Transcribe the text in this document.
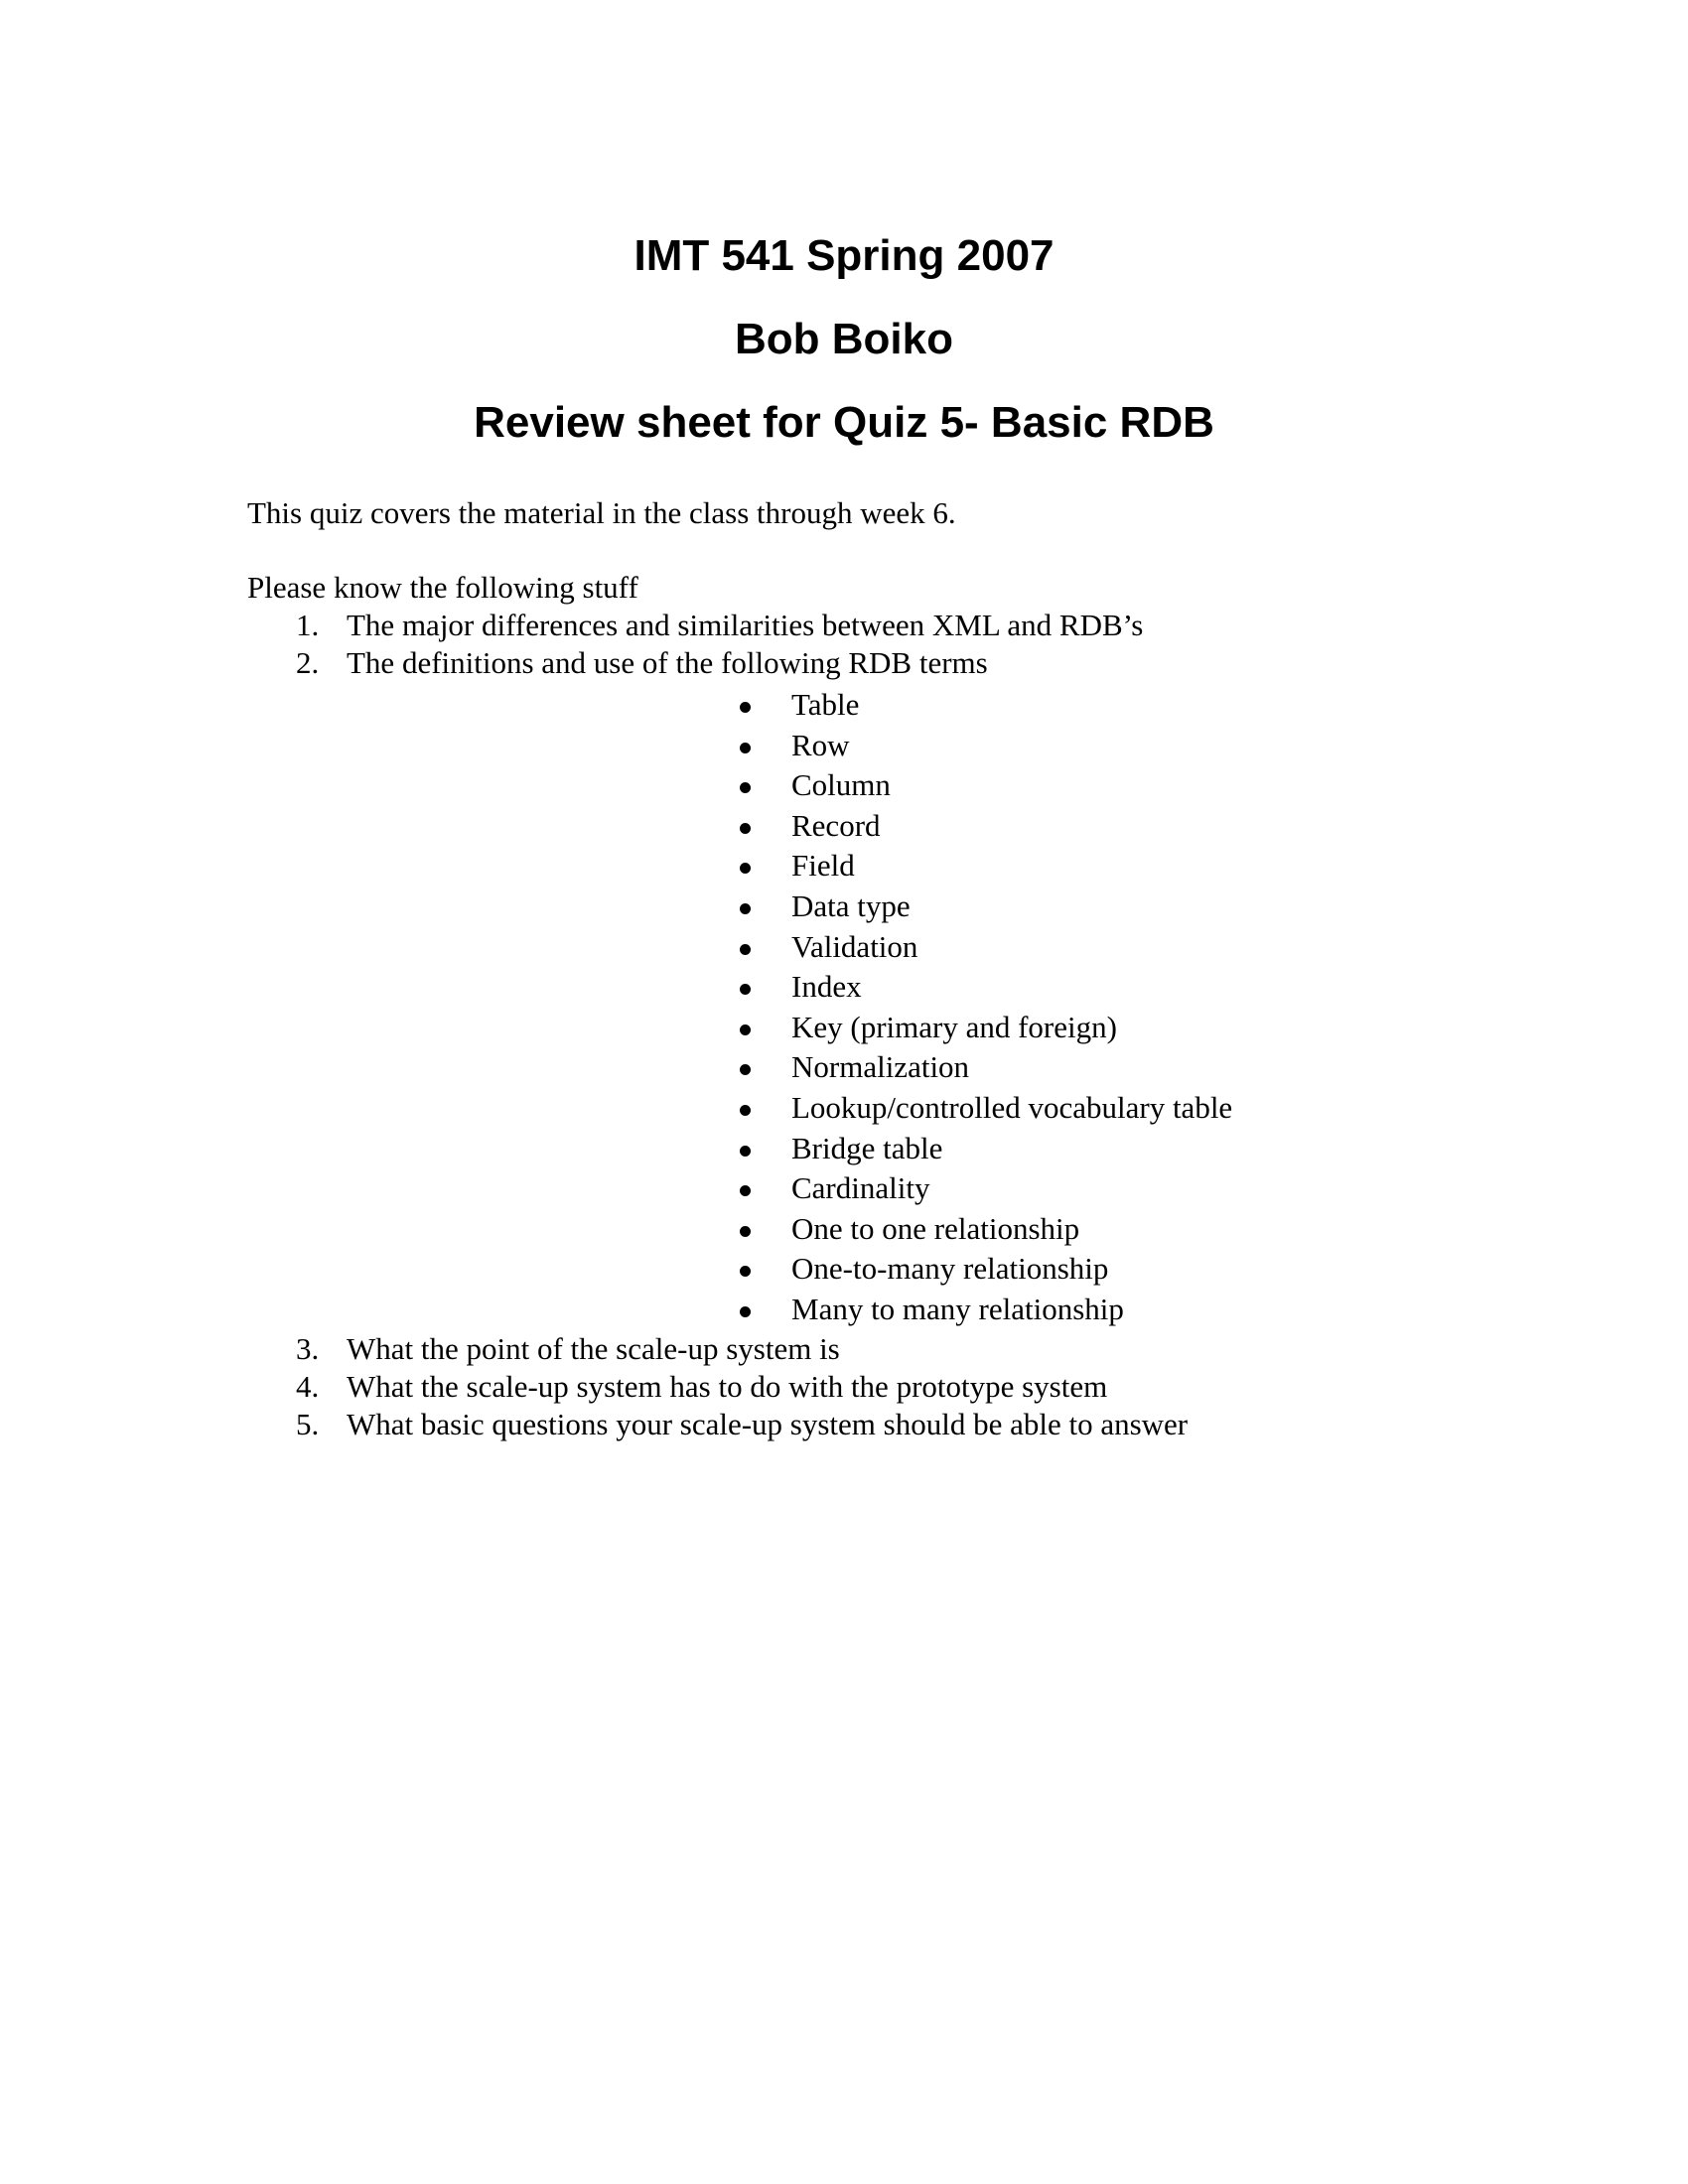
IMT 541 Spring 2007
Bob Boiko
Review sheet for Quiz 5- Basic RDB

This quiz covers the material in the class through week 6.

Please know the following stuff

1. The major differences and similarities between XML and RDB’s
2. The definitions and use of the following RDB terms
Table
Row
Column
Record
Field
Data type
Validation
Index
Key (primary and foreign)
Normalization
Lookup/controlled vocabulary table
Bridge table
Cardinality
One to one relationship
One-to-many relationship
Many to many relationship
3. What the point of the scale-up system is
4. What the scale-up system has to do with the prototype system
5. What basic questions your scale-up system should be able to answer
